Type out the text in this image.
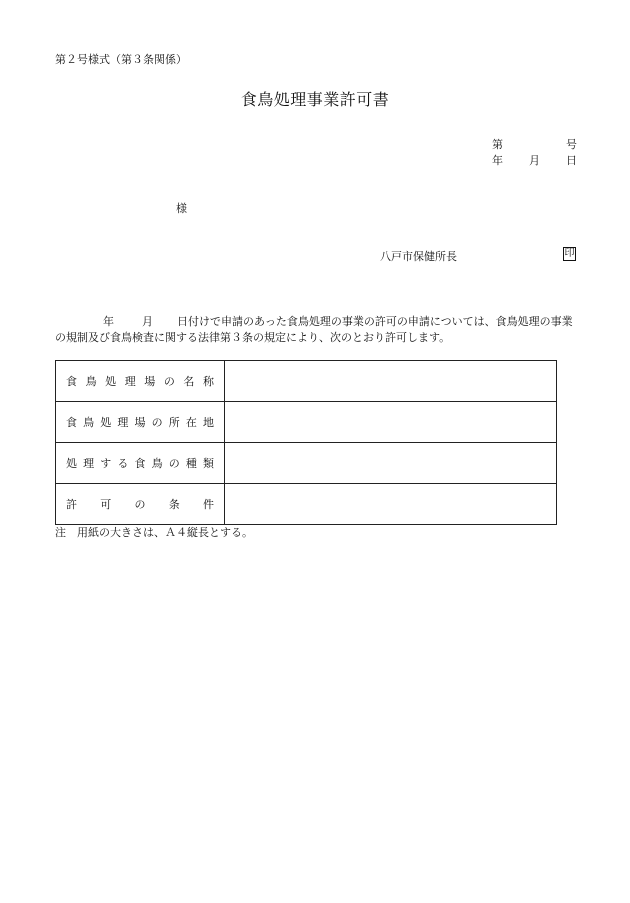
第２号様式（第３条関係）
食鳥処理事業許可書
第	号
年 月 日
様
八戸市保健所長	印
年	月 日付けで申請のあった食鳥処理の事業の許可の申請については、食鳥処理の事業の規制及び食鳥検査に関する法律第３条の規定により、次のとおり許可します。
食鳥処理場の名称	
食鳥処理場の所在地	
処理する食鳥の種類	
許可の条件	
注　用紙の大きさは、Ａ４縦長とする。
